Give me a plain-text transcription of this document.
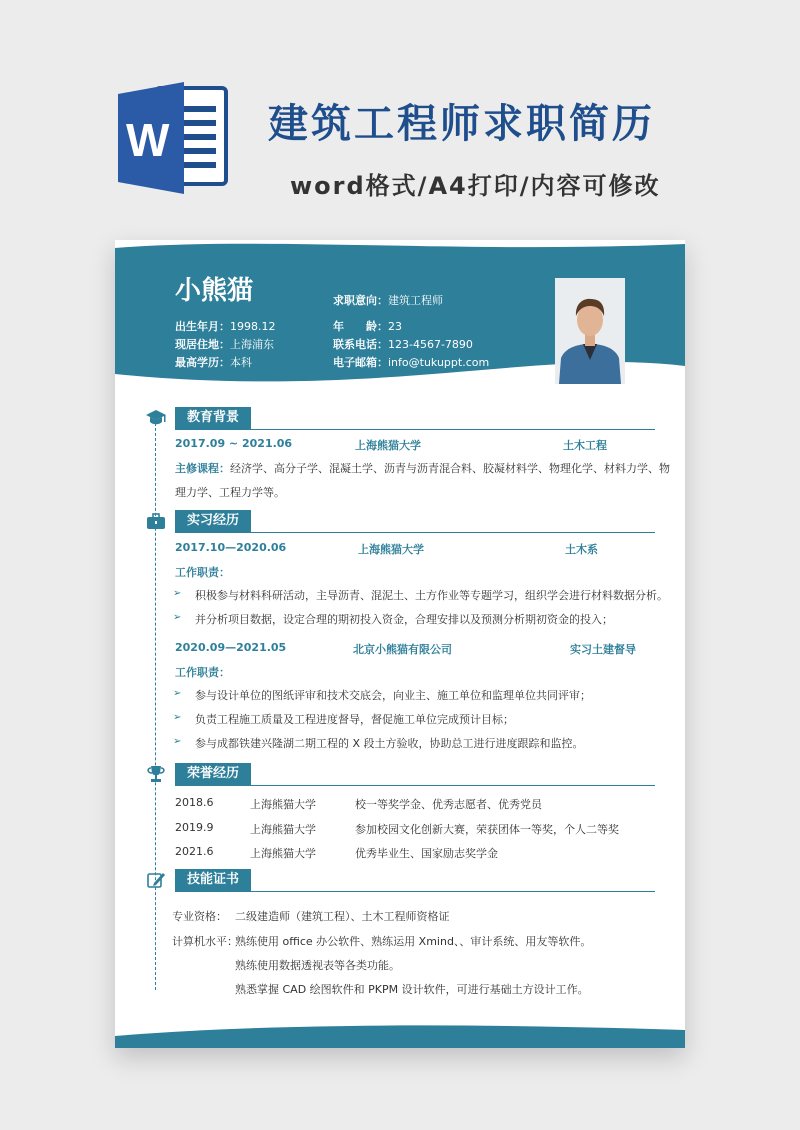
W 建筑工程师求职简历
word格式/A4打印/内容可修改
小熊猫	求职意向：建筑工程师
出生年月：1998.12
现居住地：上海浦东
最高学历：本科
年　　龄：23
联系电话：123-4567-7890
电子邮箱：info@tukuppt.com
教育背景
2017.09 ~ 2021.06	上海熊猫大学	土木工程
主修课程：经济学、高分子学、混凝土学、沥青与沥青混合料、胶凝材料学、物理化学、材料力学、物
理力学、工程力学等。
实习经历
2017.10—2020.06	上海熊猫大学	土木系
工作职责：
➢ 积极参与材料科研活动，主导沥青、混泥土、土方作业等专题学习，组织学会进行材料数据分析。
➢ 并分析项目数据，设定合理的期初投入资金，合理安排以及预测分析期初资金的投入；
2020.09—2021.05	北京小熊猫有限公司	实习土建督导
工作职责：
➢ 参与设计单位的图纸评审和技术交底会，向业主、施工单位和监理单位共同评审；
➢ 负责工程施工质量及工程进度督导，督促施工单位完成预计目标；
➢ 参与成都铁建兴隆湖二期工程的 X 段土方验收，协助总工进行进度跟踪和监控。
荣誉经历
2018.6	上海熊猫大学	校一等奖学金、优秀志愿者、优秀党员
2019.9	上海熊猫大学	参加校园文化创新大赛，荣获团体一等奖，个人二等奖
2021.6	上海熊猫大学	优秀毕业生、国家励志奖学金
技能证书
专业资格： 二级建造师（建筑工程）、土木工程师资格证
计算机水平：
熟练使用 office 办公软件、熟练运用 Xmind、、审计系统、用友等软件。
熟练使用数据透视表等各类功能。
熟悉掌握 CAD 绘图软件和 PKPM 设计软件，可进行基础土方设计工作。
